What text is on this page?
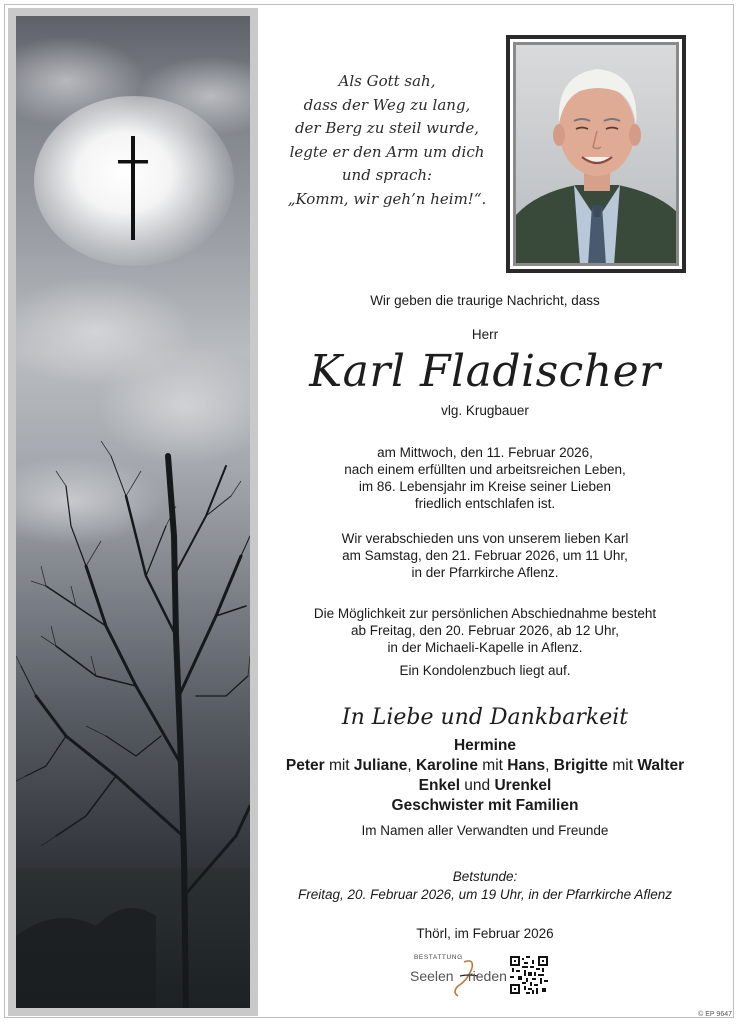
Als Gott sah,
dass der Weg zu lang,
der Berg zu steil wurde,
legte er den Arm um dich
und sprach:
„Komm, wir geh’n heim!“.
Wir geben die traurige Nachricht, dass
Herr
Karl Fladischer
vlg. Krugbauer
am Mittwoch, den 11. Februar 2026,
nach einem erfüllten und arbeitsreichen Leben,
im 86. Lebensjahr im Kreise seiner Lieben
friedlich entschlafen ist.
Wir verabschieden uns von unserem lieben Karl
am Samstag, den 21. Februar 2026, um 11 Uhr,
in der Pfarrkirche Aflenz.
Die Möglichkeit zur persönlichen Abschiednahme besteht
ab Freitag, den 20. Februar 2026, ab 12 Uhr,
in der Michaeli-Kapelle in Aflenz.
Ein Kondolenzbuch liegt auf.
In Liebe und Dankbarkeit
Hermine
Peter mit Juliane, Karoline mit Hans, Brigitte mit Walter
Enkel und Urenkel
Geschwister mit Familien
Im Namen aller Verwandten und Freunde
Betstunde:
Freitag, 20. Februar 2026, um 19 Uhr, in der Pfarrkirche Aflenz
Thörl, im Februar 2026
BESTATTUNG
Seelen rieden
© EP 9647
